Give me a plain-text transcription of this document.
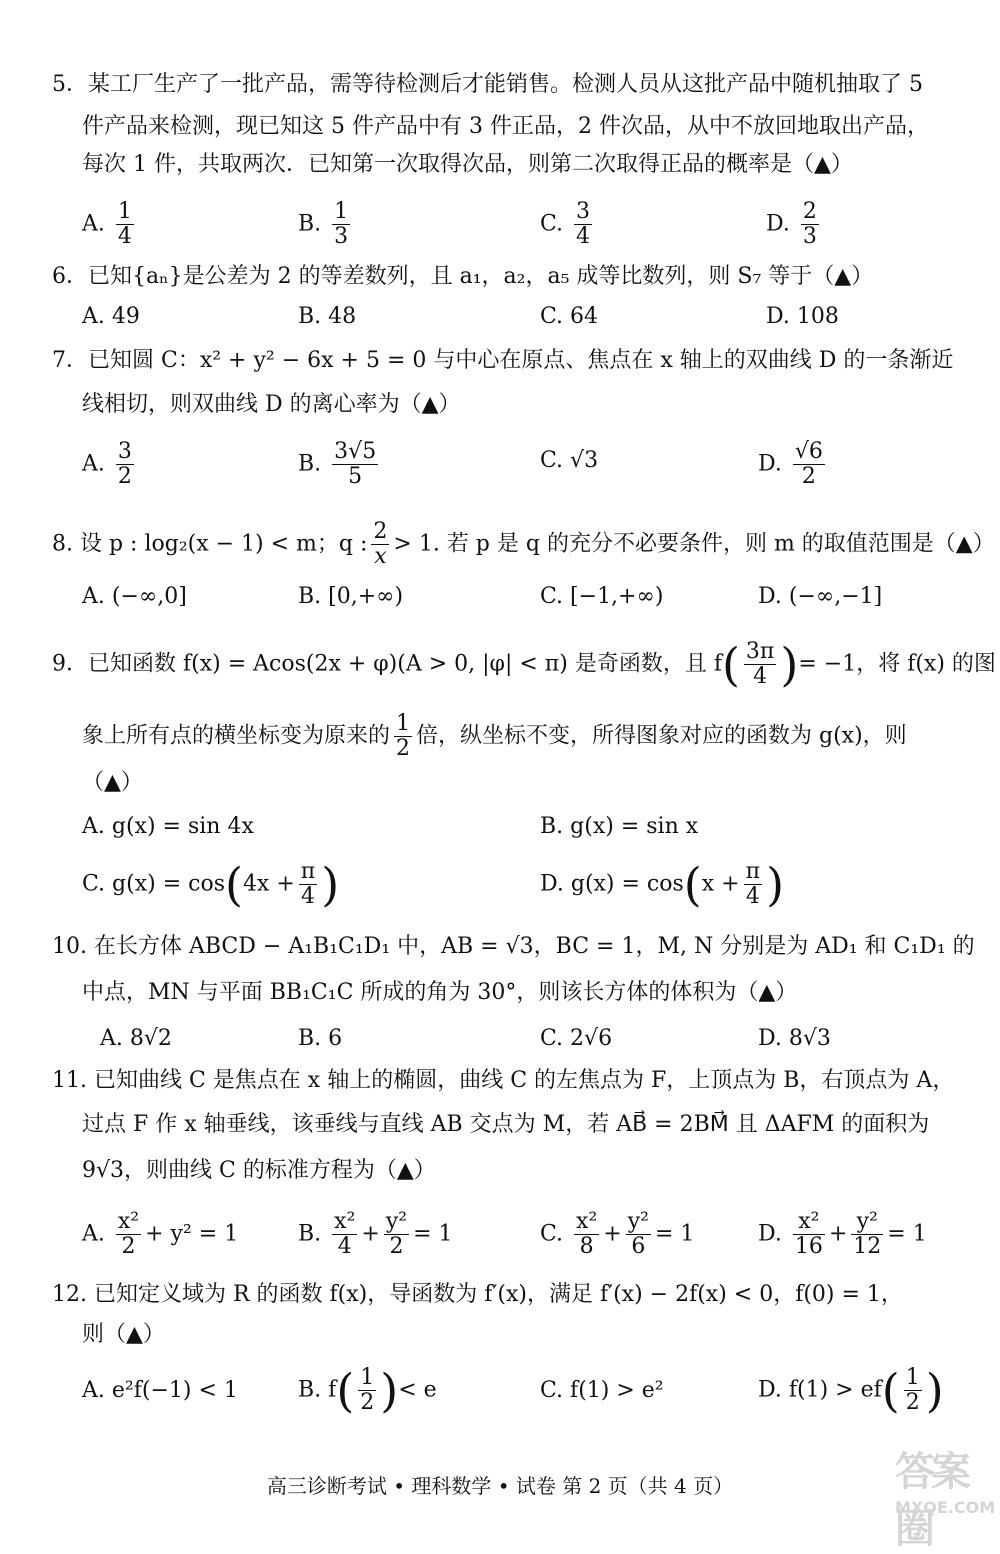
5．某工厂生产了一批产品，需等待检测后才能销售。检测人员从这批产品中随机抽取了 5
件产品来检测，现已知这 5 件产品中有 3 件正品，2 件次品，从中不放回地取出产品，
每次 1 件，共取两次．已知第一次取得次品，则第二次取得正品的概率是（▲）
A. $\frac{1}{4}$	B. $\frac{1}{3}$	C. $\frac{3}{4}$	D. $\frac{2}{3}$
6．已知{aₙ}是公差为 2 的等差数列，且 a₁，a₂，a₅ 成等比数列，则 S₇ 等于（▲）
A. 49	B. 48	C. 64	D. 108
7．已知圆 C：x² + y² − 6x + 5 = 0 与中心在原点、焦点在 x 轴上的双曲线 D 的一条渐近
线相切，则双曲线 D 的离心率为（▲）
A. $\frac{3}{2}$	B. $\frac{3√5}{5}$	C. √3	D. $\frac{√6}{2}$
8. 设 p : log₂(x − 1) < m；q : $\frac{2}{x} > 1$. 若 p 是 q 的充分不必要条件，则 m 的取值范围是（▲）
A. (−∞,0]	B. [0,+∞)	C. [−1,+∞)	D. (−∞,−1]
9．已知函数 f(x) = Acos(2x + φ)(A > 0, |φ| < π) 是奇函数，且 $f( \frac{3\pi}{4}$ )= −1，将 f(x) 的图
象上所有点的横坐标变为原来的 $\frac{1}{2}$ 倍，纵坐标不变，所得图象对应的函数为 g(x)，则
（▲）
A. g(x) = sin 4x	B. g(x) = sin x
C. $g(x) = \cos(4x + \frac{\pi}{4}$ )	D. $g(x) = \cos(x + \frac{\pi}{4}$ )
10. 在长方体 ABCD − A₁B₁C₁D₁ 中，AB = √3，BC = 1，M, N 分别是为 AD₁ 和 C₁D₁ 的
中点，MN 与平面 BB₁C₁C 所成的角为 30°，则该长方体的体积为（▲）
A. 8√2	B. 6	C. 2√6	D. 8√3
11. 已知曲线 C 是焦点在 x 轴上的椭圆，曲线 C 的左焦点为 F，上顶点为 B，右顶点为 A，
过点 F 作 x 轴垂线，该垂线与直线 AB 交点为 M，若 AB⃗ = 2BM⃗ 且 ΔAFM 的面积为
9√3，则曲线 C 的标准方程为（▲）
A. $\frac{\text{x²}}{2} + y^2 = 1$	B. $\frac{\text{x²}}{4} + \frac{\text{y²}}{2} = 1$	C. $\frac{\text{x²}}{8} + \frac{\text{y²}}{6} = 1$	D. $\frac{\text{x²}}{16} + \frac{\text{y²}}{12} = 1$
12. 已知定义域为 R 的函数 f(x)，导函数为 f′(x)，满足 f′(x) − 2f(x) < 0，f(0) = 1，
则（▲）
A. e²f(−1) < 1	B. $f( \frac{1}{2}$ )< e	C. f(1) > e²	D. $f(1) > ef( \frac{1}{2}$ )
高三诊断考试 • 理科数学 • 试卷 第 2 页（共 4 页）	答案圈
MXQE.COM
